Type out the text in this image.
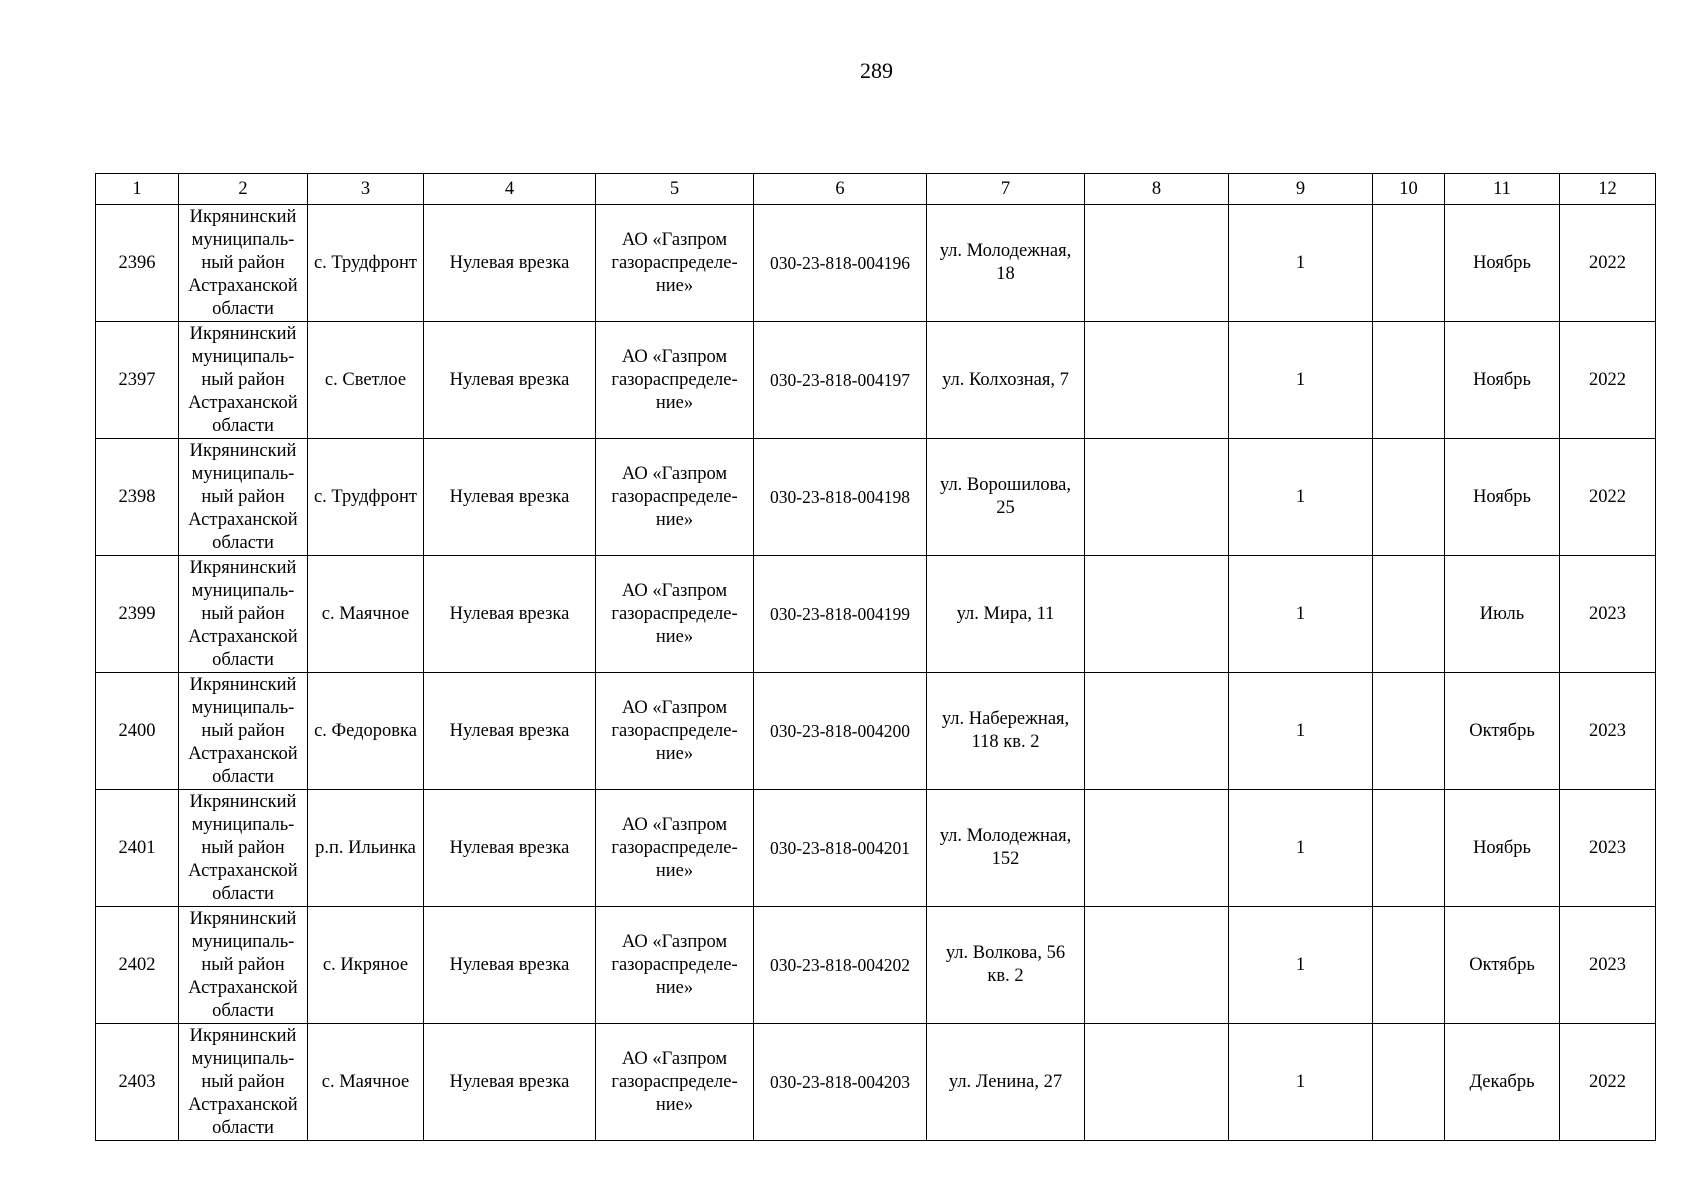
289
1	2	3	4	5	6	7	8	9	10	11	12
2396	Икрянинский
муниципаль-
ный район
Астраханской
области	с. Трудфронт	Нулевая врезка	АО «Газпром
газораспределе-
ние»	030-23-818-004196	ул. Молодежная,
18		1		Ноябрь	2022
2397	Икрянинский
муниципаль-
ный район
Астраханской
области	с. Светлое	Нулевая врезка	АО «Газпром
газораспределе-
ние»	030-23-818-004197	ул. Колхозная, 7		1		Ноябрь	2022
2398	Икрянинский
муниципаль-
ный район
Астраханской
области	с. Трудфронт	Нулевая врезка	АО «Газпром
газораспределе-
ние»	030-23-818-004198	ул. Ворошилова,
25		1		Ноябрь	2022
2399	Икрянинский
муниципаль-
ный район
Астраханской
области	с. Маячное	Нулевая врезка	АО «Газпром
газораспределе-
ние»	030-23-818-004199	ул. Мира, 11		1		Июль	2023
2400	Икрянинский
муниципаль-
ный район
Астраханской
области	с. Федоровка	Нулевая врезка	АО «Газпром
газораспределе-
ние»	030-23-818-004200	ул. Набережная,
118 кв. 2		1		Октябрь	2023
2401	Икрянинский
муниципаль-
ный район
Астраханской
области	р.п. Ильинка	Нулевая врезка	АО «Газпром
газораспределе-
ние»	030-23-818-004201	ул. Молодежная,
152		1		Ноябрь	2023
2402	Икрянинский
муниципаль-
ный район
Астраханской
области	с. Икряное	Нулевая врезка	АО «Газпром
газораспределе-
ние»	030-23-818-004202	ул. Волкова, 56
кв. 2		1		Октябрь	2023
2403	Икрянинский
муниципаль-
ный район
Астраханской
области	с. Маячное	Нулевая врезка	АО «Газпром
газораспределе-
ние»	030-23-818-004203	ул. Ленина, 27		1		Декабрь	2022
